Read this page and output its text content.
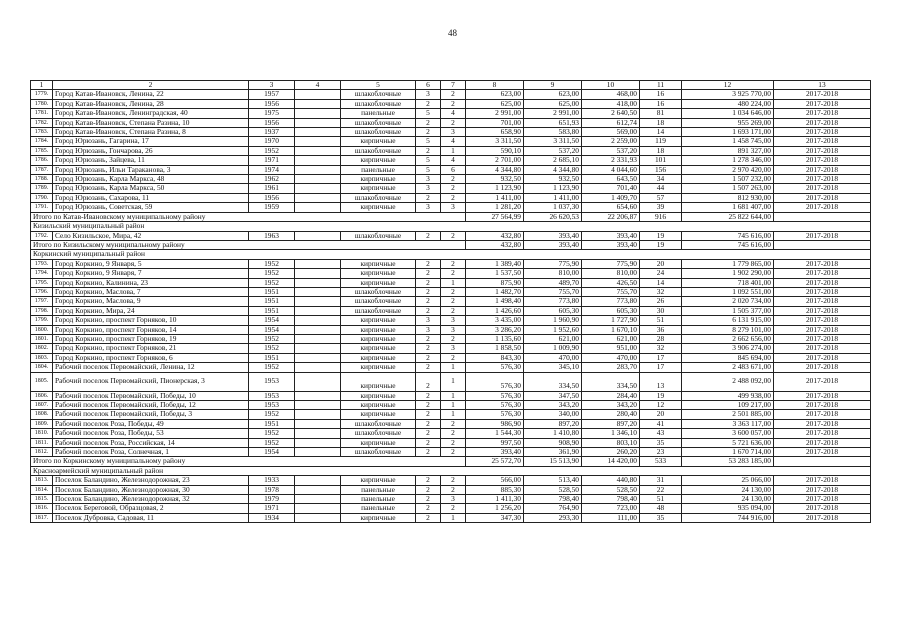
48
1	2	3	4	5	6	7	8	9	10	11	12	13
1779.	Город Катав-Ивановск, Ленина, 22	1957		шлакоблочные	3	2	623,00	623,00	468,00	16	3 925 770,00	2017-2018
1780.	Город Катав-Ивановск, Ленина, 28	1956		шлакоблочные	2	2	625,00	625,00	418,00	16	480 224,00	2017-2018
1781.	Город Катав-Ивановск, Ленинградская, 40	1975		панельные	5	4	2 991,00	2 991,00	2 640,50	81	1 034 646,00	2017-2018
1782.	Город Катав-Ивановск, Степана Разина, 10	1956		шлакоблочные	2	2	701,00	651,93	612,74	18	955 269,00	2017-2018
1783.	Город Катав-Ивановск, Степана Разина, 8	1937		шлакоблочные	2	3	658,90	583,80	569,00	14	1 693 171,00	2017-2018
1784.	Город Юрюзань, Гагарина, 17	1970		кирпичные	5	4	3 311,50	3 311,50	2 259,00	119	1 458 745,00	2017-2018
1785.	Город Юрюзань, Гончарова, 26	1952		шлакоблочные	2	1	590,10	537,20	537,20	18	891 327,00	2017-2018
1786.	Город Юрюзань, Зайцева, 11	1971		кирпичные	5	4	2 701,00	2 685,10	2 331,93	101	1 278 346,00	2017-2018
1787.	Город Юрюзань, Ильи Тараканова, 3	1974		панельные	5	6	4 344,80	4 344,80	4 044,60	156	2 970 420,00	2017-2018
1788.	Город Юрюзань, Карла Маркса, 48	1962		кирпичные	3	2	932,50	932,50	643,50	34	1 507 232,00	2017-2018
1789.	Город Юрюзань, Карла Маркса, 50	1961		кирпичные	3	2	1 123,90	1 123,90	701,40	44	1 507 263,00	2017-2018
1790.	Город Юрюзань, Сахарова, 11	1956		шлакоблочные	2	2	1 411,00	1 411,00	1 409,70	57	812 930,00	2017-2018
1791.	Город Юрюзань, Советская, 59	1959		кирпичные	3	3	1 281,20	1 037,30	654,60	39	1 681 407,00	2017-2018
Итого по Катав-Ивановскому муниципальному району							27 564,99	26 620,53	22 206,87	916	25 822 644,00	
Кизильский муниципальный район												
1792.	Село Кизильское, Мира, 42	1963		шлакоблочные	2	2	432,80	393,40	393,40	19	745 616,00	2017-2018
Итого по Кизильскому муниципальному району							432,80	393,40	393,40	19	745 616,00	
Коркинский муниципальный район												
1793.	Город Коркино, 9 Января, 5	1952		кирпичные	2	2	1 389,40	775,90	775,90	20	1 779 865,00	2017-2018
1794.	Город Коркино, 9 Января, 7	1952		кирпичные	2	2	1 537,50	810,00	810,00	24	1 902 290,00	2017-2018
1795.	Город Коркино, Калинина, 23	1952		кирпичные	2	1	875,90	489,70	426,50	14	718 401,00	2017-2018
1796.	Город Коркино, Маслова, 7	1951		шлакоблочные	2	2	1 482,70	755,70	755,70	32	1 092 551,00	2017-2018
1797.	Город Коркино, Маслова, 9	1951		шлакоблочные	2	2	1 498,40	773,80	773,80	26	2 020 734,00	2017-2018
1798.	Город Коркино, Мира, 24	1951		шлакоблочные	2	2	1 426,60	605,30	605,30	30	1 505 377,00	2017-2018
1799.	Город Коркино, проспект Горняков, 10	1954		кирпичные	3	3	3 435,00	1 960,90	1 727,90	51	6 131 915,00	2017-2018
1800.	Город Коркино, проспект Горняков, 14	1954		кирпичные	3	3	3 286,20	1 952,60	1 670,10	36	8 279 101,00	2017-2018
1801.	Город Коркино, проспект Горняков, 19	1952		кирпичные	2	2	1 135,60	621,00	621,00	28	2 662 656,00	2017-2018
1802.	Город Коркино, проспект Горняков, 21	1952		кирпичные	2	3	1 858,50	1 009,90	951,00	32	3 906 274,00	2017-2018
1803.	Город Коркино, проспект Горняков, 6	1951		кирпичные	2	2	843,30	470,00	470,00	17	845 694,00	2017-2018
1804.	Рабочий поселок Первомайский, Ленина, 12	1952		кирпичные	2	1	576,30	345,10	283,70	17	2 483 671,00	2017-2018
1805.	Рабочий поселок Первомайский, Пионерская, 3	1953		кирпичные	2	1	576,30	334,50	334,50	13	2 488 092,00	2017-2018
1806.	Рабочий поселок Первомайский, Победы, 10	1953		кирпичные	2	1	576,30	347,50	284,40	19	499 938,00	2017-2018
1807.	Рабочий поселок Первомайский, Победы, 12	1953		кирпичные	2	1	576,30	343,20	343,20	12	109 217,00	2017-2018
1808.	Рабочий поселок Первомайский, Победы, 3	1952		кирпичные	2	1	576,30	340,00	280,40	20	2 501 885,00	2017-2018
1809.	Рабочий поселок Роза, Победы, 49	1951		шлакоблочные	2	2	986,90	897,20	897,20	41	3 363 117,00	2017-2018
1810.	Рабочий поселок Роза, Победы, 53	1952		шлакоблочные	2	2	1 544,30	1 410,80	1 346,10	43	3 600 057,00	2017-2018
1811.	Рабочий поселок Роза, Российская, 14	1952		кирпичные	2	2	997,50	908,90	803,10	35	5 721 636,00	2017-2018
1812.	Рабочий поселок Роза, Солнечная, 1	1954		шлакоблочные	2	2	393,40	361,90	260,20	23	1 670 714,00	2017-2018
Итого по Коркинскому муниципальному району							25 572,70	15 513,90	14 420,00	533	53 283 185,00	
Красноармейский муниципальный район												
1813.	Поселок Баландино, Железнодорожная, 23	1933		кирпичные	2	2	566,00	513,40	440,80	31	25 066,00	2017-2018
1814.	Поселок Баландино, Железнодорожная, 30	1978		панельные	2	2	885,30	528,50	528,50	22	24 130,00	2017-2018
1815.	Поселок Баландино, Железнодорожная, 32	1979		панельные	2	3	1 411,30	798,40	798,40	51	24 130,00	2017-2018
1816.	Поселок Береговой, Образцовая, 2	1971		панельные	2	2	1 256,20	764,90	723,00	48	935 094,00	2017-2018
1817.	Поселок Дубровка, Садовая, 11	1934		кирпичные	2	1	347,30	293,30	111,00	35	744 916,00	2017-2018
